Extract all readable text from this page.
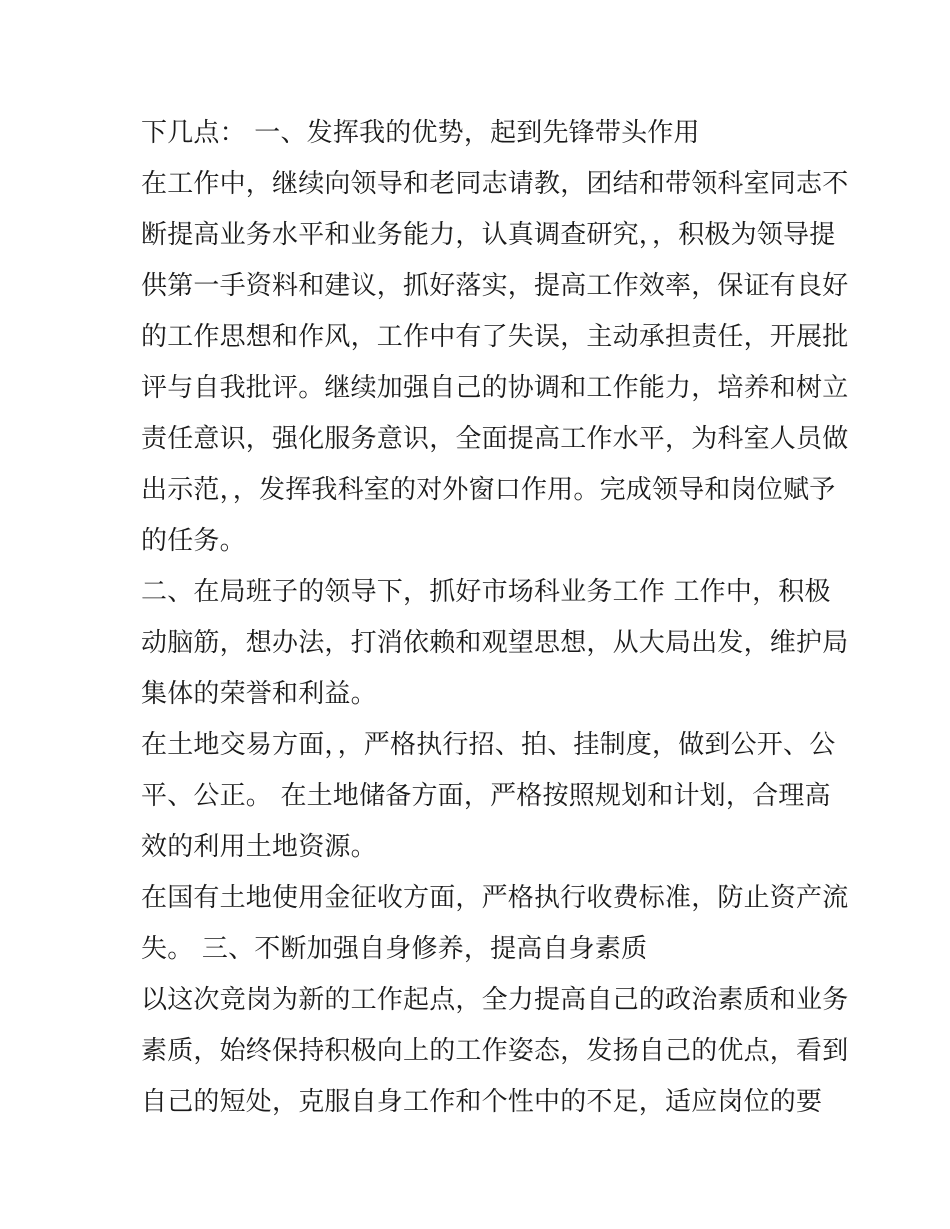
下几点： 一、发挥我的优势，起到先锋带头作用
在工作中，继续向领导和老同志请教，团结和带领科室同志不
断提高业务水平和业务能力，认真调查研究，，积极为领导提
供第一手资料和建议，抓好落实，提高工作效率，保证有良好
的工作思想和作风，工作中有了失误，主动承担责任，开展批
评与自我批评。继续加强自己的协调和工作能力，培养和树立
责任意识，强化服务意识，全面提高工作水平，为科室人员做
出示范，，发挥我科室的对外窗口作用。完成领导和岗位赋予
的任务。
二、在局班子的领导下，抓好市场科业务工作 工作中，积极
动脑筋，想办法，打消依赖和观望思想，从大局出发，维护局
集体的荣誉和利益。
在土地交易方面，，严格执行招、拍、挂制度，做到公开、公
平、公正。 在土地储备方面，严格按照规划和计划，合理高
效的利用土地资源。
在国有土地使用金征收方面，严格执行收费标准，防止资产流
失。 三、不断加强自身修养，提高自身素质
以这次竞岗为新的工作起点，全力提高自己的政治素质和业务
素质，始终保持积极向上的工作姿态，发扬自己的优点，看到
自己的短处，克服自身工作和个性中的不足，适应岗位的要
